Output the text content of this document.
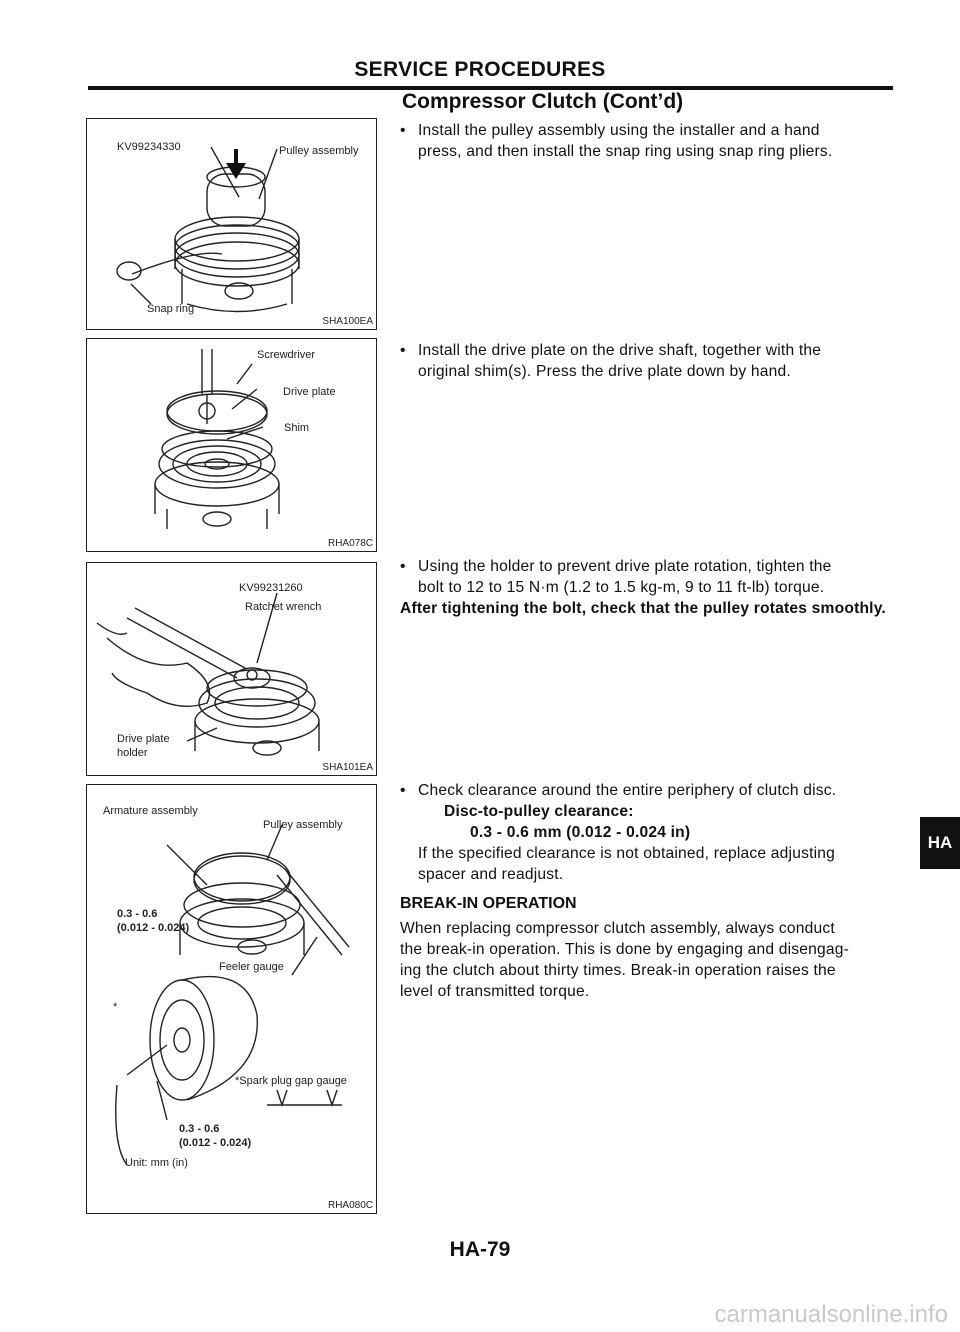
SERVICE PROCEDURES
Compressor Clutch (Cont’d)
KV99234330	Pulley assembly
Snap ring
SHA100EA
Screwdriver
Drive plate
Shim
RHA078C
KV99231260
Ratchet wrench
Drive plate
holder
SHA101EA
Armature assembly
Pulley assembly
0.3 - 0.6
(0.012 - 0.024)
Feeler gauge
*
*Spark plug gap gauge
0.3 - 0.6
(0.012 - 0.024)
Unit: mm (in)
RHA080C
• Install the pulley assembly using the installer and a hand
press, and then install the snap ring using snap ring pliers.
• Install the drive plate on the drive shaft, together with the
original shim(s). Press the drive plate down by hand.
• Using the holder to prevent drive plate rotation, tighten the
bolt to 12 to 15 N·m (1.2 to 1.5 kg-m, 9 to 11 ft-lb) torque.
After tightening the bolt, check that the pulley rotates smoothly.
• Check clearance around the entire periphery of clutch disc.
Disc-to-pulley clearance:
0.3 - 0.6 mm (0.012 - 0.024 in)
If the specified clearance is not obtained, replace adjusting
spacer and readjust.
BREAK-IN OPERATION
When replacing compressor clutch assembly, always conduct
the break-in operation. This is done by engaging and disengag-
ing the clutch about thirty times. Break-in operation raises the
level of transmitted torque.
HA
HA-79
carmanualsonline.info
